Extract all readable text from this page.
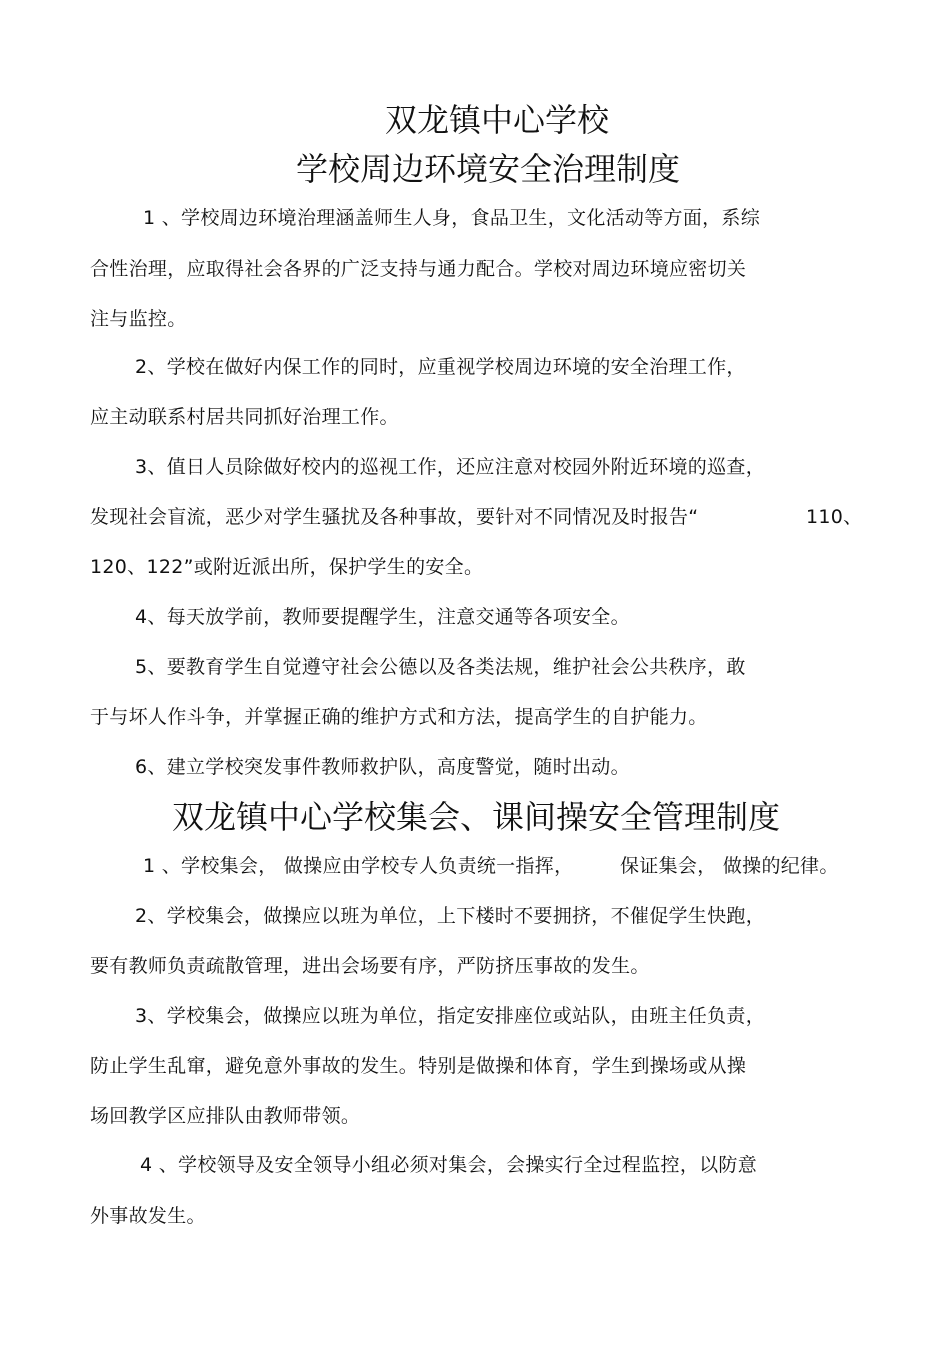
双龙镇中心学校
学校周边环境安全治理制度
1 、学校周边环境治理涵盖师生人身，食品卫生，文化活动等方面，系综
合性治理，应取得社会各界的广泛支持与通力配合。学校对周边环境应密切关
注与监控。
2、学校在做好内保工作的同时，应重视学校周边环境的安全治理工作，
应主动联系村居共同抓好治理工作。
3、值日人员除做好校内的巡视工作，还应注意对校园外附近环境的巡查，
发现社会盲流，恶少对学生骚扰及各种事故，要针对不同情况及时报告“	110、
120、122”或附近派出所，保护学生的安全。
4、每天放学前，教师要提醒学生，注意交通等各项安全。
5、要教育学生自觉遵守社会公德以及各类法规，维护社会公共秩序，敢
于与坏人作斗争，并掌握正确的维护方式和方法，提高学生的自护能力。
6、建立学校突发事件教师救护队，高度警觉，随时出动。
双龙镇中心学校集会、课间操安全管理制度
1 、学校集会， 做操应由学校专人负责统一指挥， 保证集会， 做操的纪律。
2、学校集会，做操应以班为单位，上下楼时不要拥挤，不催促学生快跑，
要有教师负责疏散管理，进出会场要有序，严防挤压事故的发生。
3、学校集会，做操应以班为单位，指定安排座位或站队，由班主任负责，
防止学生乱窜，避免意外事故的发生。特别是做操和体育，学生到操场或从操
场回教学区应排队由教师带领。
4 、学校领导及安全领导小组必须对集会，会操实行全过程监控，以防意
外事故发生。
